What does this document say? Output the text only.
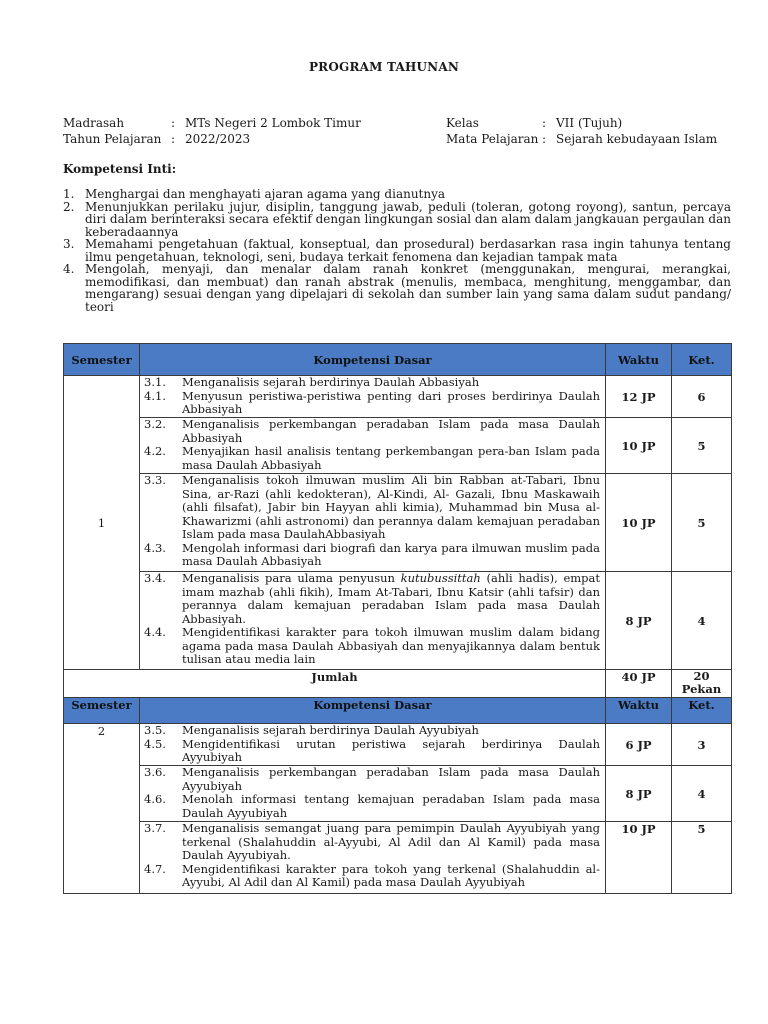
PROGRAM TAHUNAN
Madrasah	: MTs Negeri 2 Lombok Timur
Tahun Pelajaran : 2022/2023
Kelas	: VII (Tujuh)
Mata Pelajaran : Sejarah kebudayaan Islam
Kompetensi Inti:
1. Menghargai dan menghayati ajaran agama yang dianutnya
2. Menunjukkan perilaku jujur, disiplin, tanggung jawab, peduli (toleran, gotong royong), santun, percaya diri dalam berinteraksi secara efektif dengan lingkungan sosial dan alam dalam jangkauan pergaulan dan keberadaannya
3. Memahami pengetahuan (faktual, konseptual, dan prosedural) berdasarkan rasa ingin tahunya tentang ilmu pengetahuan, teknologi, seni, budaya terkait fenomena dan kejadian tampak mata
4. Mengolah, menyaji, dan menalar dalam ranah konkret (menggunakan, mengurai, merangkai, memodifikasi, dan membuat) dan ranah abstrak (menulis, membaca, menghitung, menggambar, dan mengarang) sesuai dengan yang dipelajari di sekolah dan sumber lain yang sama dalam sudut pandang/ teori
Semester	Kompetensi Dasar	Waktu	Ket.
1	3.1. Menganalisis sejarah berdirinya Daulah Abbasiyah
4.1. Menyusun peristiwa-peristiwa penting dari proses berdirinya Daulah Abbasiyah	12 JP	6

	3.2. Menganalisis perkembangan peradaban Islam pada masa Daulah Abbasiyah
4.2. Menyajikan hasil analisis tentang perkembangan pera-ban Islam pada masa Daulah Abbasiyah	10 JP	5

	3.3. Menganalisis tokoh ilmuwan muslim Ali bin Rabban at-Tabari, Ibnu Sina, ar-Razi (ahli kedokteran), Al-Kindi, Al- Gazali, Ibnu Maskawaih (ahli filsafat), Jabir bin Hayyan ahli kimia), Muhammad bin Musa al-Khawarizmi (ahli astronomi) dan perannya dalam kemajuan peradaban Islam pada masa DaulahAbbasiyah
4.3. Mengolah informasi dari biografi dan karya para ilmuwan muslim pada masa Daulah Abbasiyah	10 JP	5

	3.4. Menganalisis para ulama penyusun kutubussittah (ahli hadis), empat imam mazhab (ahli fikih), Imam At-Tabari, Ibnu Katsir (ahli tafsir) dan perannya dalam kemajuan peradaban Islam pada masa Daulah Abbasiyah.
4.4. Mengidentifikasi karakter para tokoh ilmuwan muslim dalam bidang agama pada masa Daulah Abbasiyah dan menyajikannya dalam bentuk tulisan atau media lain	8 JP	4
Jumlah		40 JP	20 Pekan
Semester	Kompetensi Dasar	Waktu	Ket.
2	3.5. Menganalisis sejarah berdirinya Daulah Ayyubiyah
4.5. Mengidentifikasi urutan peristiwa sejarah berdirinya Daulah Ayyubiyah	6 JP	3

	3.6. Menganalisis perkembangan peradaban Islam pada masa Daulah Ayyubiyah
4.6. Menolah informasi tentang kemajuan peradaban Islam pada masa Daulah Ayyubiyah	8 JP	4

	3.7. Menganalisis semangat juang para pemimpin Daulah Ayyubiyah yang terkenal (Shalahuddin al-Ayyubi, Al Adil dan Al Kamil) pada masa Daulah Ayyubiyah.
4.7. Mengidentifikasi karakter para tokoh yang terkenal (Shalahuddin al-Ayyubi, Al Adil dan Al Kamil) pada masa Daulah Ayyubiyah	10 JP	5
